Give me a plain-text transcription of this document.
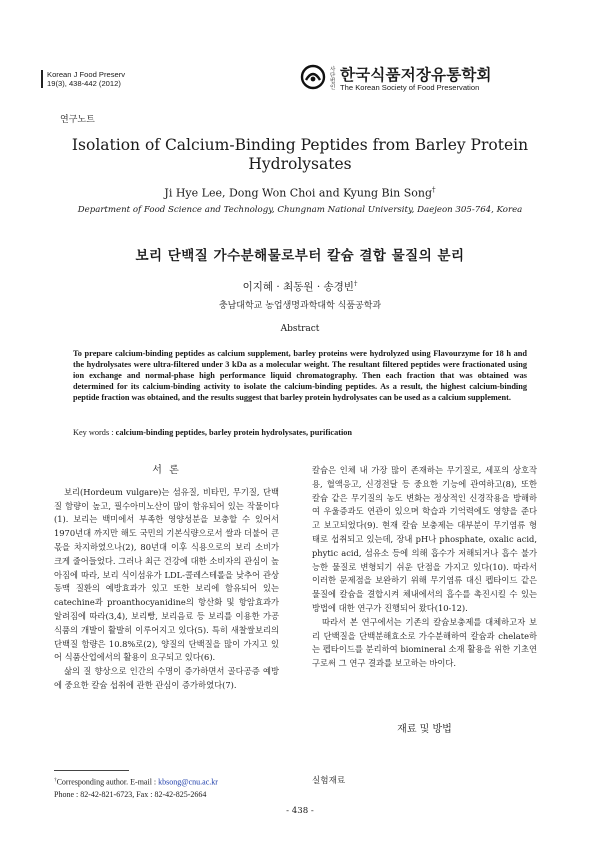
Korean J Food Preserv
19(3), 438-442 (2012)
사단법인
한국식품저장유통학회
The Korean Society of Food Preservation
연구노트
Isolation of Calcium-Binding Peptides from Barley Protein Hydrolysates
Ji Hye Lee, Dong Won Choi and Kyung Bin Song†
Department of Food Science and Technology, Chungnam National University, Daejeon 305-764, Korea
보리 단백질 가수분해물로부터 칼슘 결합 물질의 분리
이지혜 · 최동원 · 송경빈†
충남대학교 농업생명과학대학 식품공학과
Abstract
To prepare calcium-binding peptides as calcium supplement, barley proteins were hydrolyzed using Flavourzyme for 18 h and the hydrolysates were ultra-filtered under 3 kDa as a molecular weight. The resultant filtered peptides were fractionated using ion exchange and normal-phase high performance liquid chromatography. Then each fraction that was obtained was determined for its calcium-binding activity to isolate the calcium-binding peptides. As a result, the highest calcium-binding peptide fraction was obtained, and the results suggest that barley protein hydrolysates can be used as a calcium supplement.
Key words : calcium-binding peptides, barley protein hydrolysates, purification
서 론

보리(Hordeum vulgare)는 섬유질, 비타민, 무기질, 단백질 함량이 높고, 필수아미노산이 많이 함유되어 있는 작물이다(1). 보리는 백미에서 부족한 영양성분을 보충할 수 있어서 1970년대 까지만 해도 국민의 기본식량으로서 쌀과 더불어 큰 몫을 차지하였으나(2), 80년대 이후 식용으로의 보리 소비가 크게 줄어들었다. 그러나 최근 건강에 대한 소비자의 관심이 높아짐에 따라, 보리 식이섬유가 LDL-콜레스테롤을 낮추어 관상동맥 질환의 예방효과가 있고 또한 보리에 함유되어 있는 catechine과 proanthocyanidine의 항산화 및 항암효과가 알려짐에 따라(3,4), 보리빵, 보리음료 등 보리를 이용한 가공식품의 개발이 활발히 이루어지고 있다(5). 특히 새찰쌀보리의 단백질 함량은 10.8%로(2), 양질의 단백질을 많이 가지고 있어 식품산업에서의 활용이 요구되고 있다(6).

삶의 질 향상으로 인간의 수명이 증가하면서 골다공증 예방에 중요한 칼슘 섭취에 관한 관심이 증가하였다(7).

칼슘은 인체 내 가장 많이 존재하는 무기질로, 세포의 상호작용, 혈액응고, 신경전달 등 중요한 기능에 관여하고(8), 또한 칼슘 같은 무기질의 농도 변화는 정상적인 신경작용을 방해하여 우울증과도 연관이 있으며 학습과 기억력에도 영향을 준다고 보고되었다(9). 현재 칼슘 보충제는 대부분이 무기염류 형태로 섭취되고 있는데, 장내 pH나 phosphate, oxalic acid, phytic acid, 섬유소 등에 의해 흡수가 저해되거나 흡수 불가능한 물질로 변형되기 쉬운 단점을 가지고 있다(10). 따라서 이러한 문제점을 보완하기 위해 무기염류 대신 펩타이드 같은 물질에 칼슘을 결합시켜 체내에서의 흡수를 촉진시킬 수 있는 방법에 대한 연구가 진행되어 왔다(10-12).

따라서 본 연구에서는 기존의 칼슘보충제를 대체하고자 보리 단백질을 단백분해효소로 가수분해하여 칼슘과 chelate하는 펩타이드를 분리하여 biomineral 소재 활용을 위한 기초연구로써 그 연구 결과를 보고하는 바이다.

재료 및 방법
실험재료
†Corresponding author. E-mail : kbsong@cnu.ac.kr
Phone : 82-42-821-6723, Fax : 82-42-825-2664
- 438 -
